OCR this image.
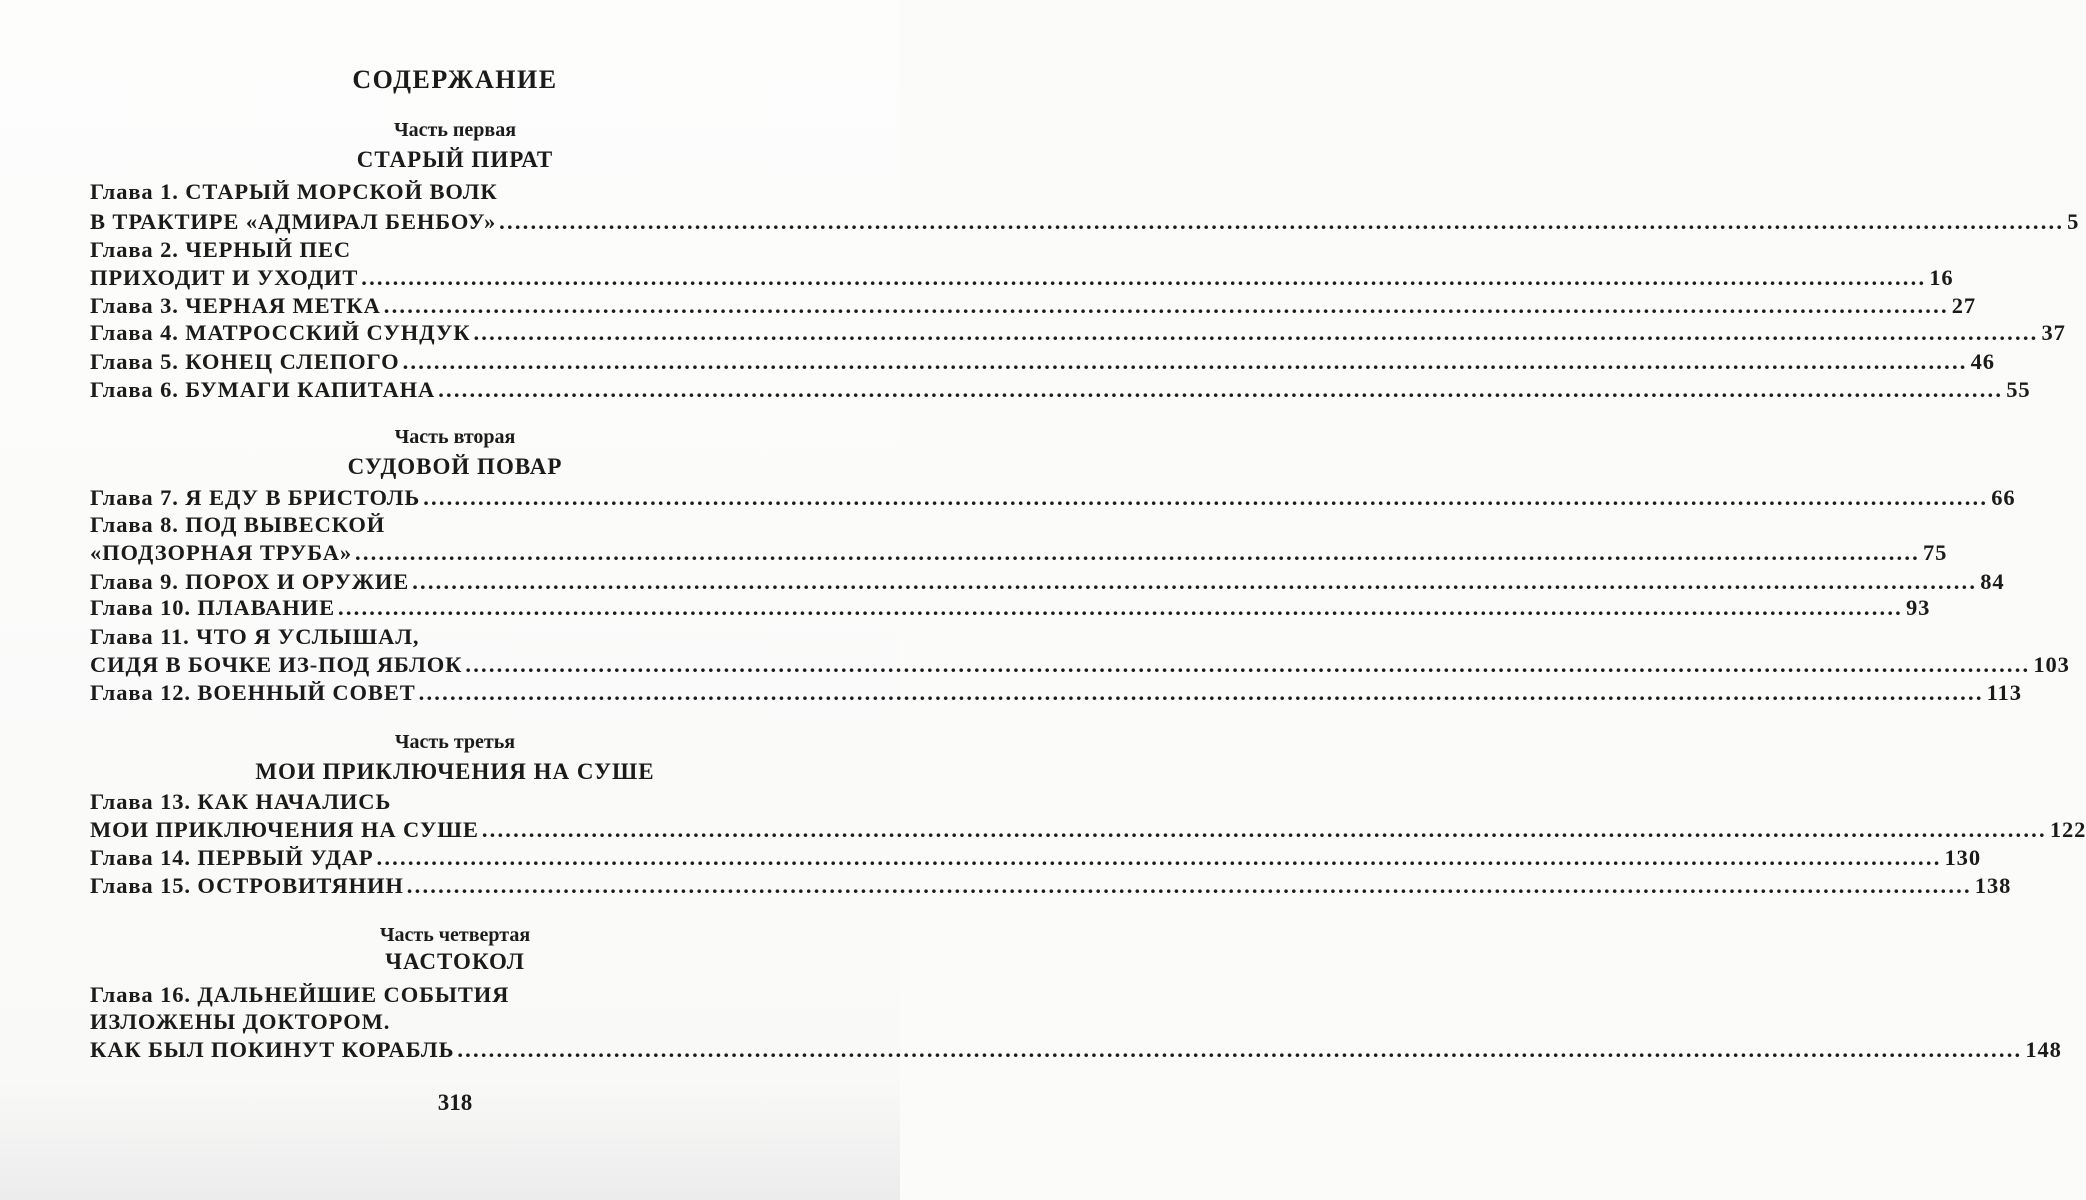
СОДЕРЖАНИЕ
Часть первая
СТАРЫЙ ПИРАТ
Глава 1. СТАРЫЙ МОРСКОЙ ВОЛК
В ТРАКТИРЕ «АДМИРАЛ БЕНБОУ» ........................................................................................................................................................................................................ 5
Глава 2. ЧЕРНЫЙ ПЕС
ПРИХОДИТ И УХОДИТ ........................................................................................................................................................................................................ 16
Глава 3. ЧЕРНАЯ МЕТКА ........................................................................................................................................................................................................ 27
Глава 4. МАТРОССКИЙ СУНДУК ........................................................................................................................................................................................................ 37
Глава 5. КОНЕЦ СЛЕПОГО ........................................................................................................................................................................................................ 46
Глава 6. БУМАГИ КАПИТАНА ........................................................................................................................................................................................................ 55
Часть вторая
СУДОВОЙ ПОВАР
Глава 7. Я ЕДУ В БРИСТОЛЬ ........................................................................................................................................................................................................ 66
Глава 8. ПОД ВЫВЕСКОЙ
«ПОДЗОРНАЯ ТРУБА» ........................................................................................................................................................................................................ 75
Глава 9. ПОРОХ И ОРУЖИЕ ........................................................................................................................................................................................................ 84
Глава 10. ПЛАВАНИЕ ........................................................................................................................................................................................................ 93
Глава 11. ЧТО Я УСЛЫШАЛ,
СИДЯ В БОЧКЕ ИЗ-ПОД ЯБЛОК ........................................................................................................................................................................................................ 103
Глава 12. ВОЕННЫЙ СОВЕТ ........................................................................................................................................................................................................ 113
Часть третья
МОИ ПРИКЛЮЧЕНИЯ НА СУШЕ
Глава 13. КАК НАЧАЛИСЬ
МОИ ПРИКЛЮЧЕНИЯ НА СУШЕ ........................................................................................................................................................................................................ 122
Глава 14. ПЕРВЫЙ УДАР ........................................................................................................................................................................................................ 130
Глава 15. ОСТРОВИТЯНИН ........................................................................................................................................................................................................ 138
Часть четвертая
ЧАСТОКОЛ
Глава 16. ДАЛЬНЕЙШИЕ СОБЫТИЯ
ИЗЛОЖЕНЫ ДОКТОРОМ.
КАК БЫЛ ПОКИНУТ КОРАБЛЬ ........................................................................................................................................................................................................ 148
318
